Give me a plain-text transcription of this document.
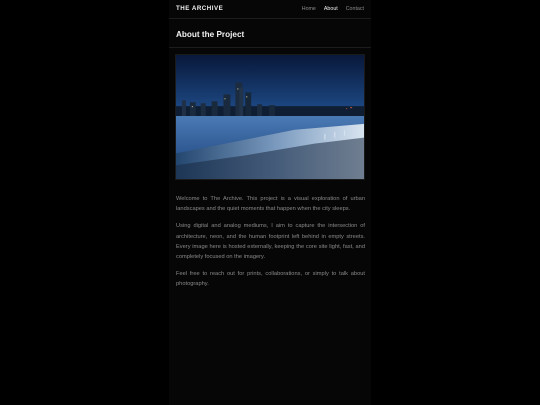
THE ARCHIVE	Home About Contact
About the Project

Welcome to The Archive. This project is a visual exploration of urban landscapes and the quiet moments that happen when the city sleeps.

Using digital and analog mediums, I aim to capture the intersection of architecture, neon, and the human footprint left behind in empty streets. Every image here is hosted externally, keeping the core site light, fast, and completely focused on the imagery.

Feel free to reach out for prints, collaborations, or simply to talk about photography.
